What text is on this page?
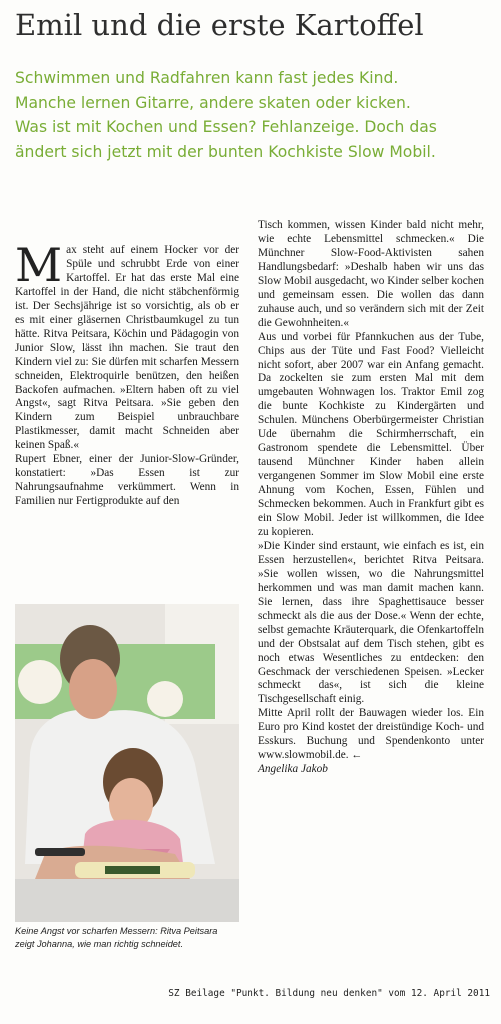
Emil und die erste Kartoffel
Schwimmen und Radfahren kann fast jedes Kind.
Manche lernen Gitarre, andere skaten oder kicken.
Was ist mit Kochen und Essen? Fehlanzeige. Doch das
ändert sich jetzt mit der bunten Kochkiste Slow Mobil.

Max steht auf einem Hocker vor der Spüle und schrubbt Erde von einer Kartoffel. Er hat das erste Mal eine Kartoffel in der Hand, die nicht stäbchenförmig ist. Der Sechsjährige ist so vorsichtig, als ob er es mit einer gläsernen Christbaumkugel zu tun hätte. Ritva Peitsara, Köchin und Pädagogin von Junior Slow, lässt ihn machen. Sie traut den Kindern viel zu: Sie dürfen mit scharfen Messern schneiden, Elektroquirle benützen, den heißen Backofen aufmachen. »Eltern haben oft zu viel Angst«, sagt Ritva Peitsara. »Sie geben den Kindern zum Beispiel unbrauchbare Plastikmesser, damit macht Schneiden aber keinen Spaß.«

Rupert Ebner, einer der Junior-Slow-Gründer, konstatiert: »Das Essen ist zur Nahrungsaufnahme verkümmert. Wenn in Familien nur Fertigprodukte auf den

Keine Angst vor scharfen Messern: Ritva Peitsara zeigt Johanna, wie man richtig schneidet.

Tisch kommen, wissen Kinder bald nicht mehr, wie echte Lebensmittel schmecken.« Die Münchner Slow-Food-Aktivisten sahen Handlungsbedarf: »Deshalb haben wir uns das Slow Mobil ausgedacht, wo Kinder selber kochen und gemeinsam essen. Die wollen das dann zuhause auch, und so verändern sich mit der Zeit die Gewohnheiten.«

Aus und vorbei für Pfannkuchen aus der Tube, Chips aus der Tüte und Fast Food? Vielleicht nicht sofort, aber 2007 war ein Anfang gemacht. Da zockelten sie zum ersten Mal mit dem umgebauten Wohnwagen los. Traktor Emil zog die bunte Kochkiste zu Kindergärten und Schulen. Münchens Oberbürgermeister Christian Ude übernahm die Schirmherrschaft, ein Gastronom spendete die Lebensmittel. Über tausend Münchner Kinder haben allein vergangenen Sommer im Slow Mobil eine erste Ahnung vom Kochen, Essen, Fühlen und Schmecken bekommen. Auch in Frankfurt gibt es ein Slow Mobil. Jeder ist willkommen, die Idee zu kopieren.

»Die Kinder sind erstaunt, wie einfach es ist, ein Essen herzustellen«, berichtet Ritva Peitsara. »Sie wollen wissen, wo die Nahrungsmittel herkommen und was man damit machen kann. Sie lernen, dass ihre Spaghettisauce besser schmeckt als die aus der Dose.« Wenn der echte, selbst gemachte Kräuterquark, die Ofenkartoffeln und der Obstsalat auf dem Tisch stehen, gibt es noch etwas Wesentliches zu entdecken: den Geschmack der verschiedenen Speisen. »Lecker schmeckt das«, ist sich die kleine Tischgesellschaft einig.

Mitte April rollt der Bauwagen wieder los. Ein Euro pro Kind kostet der dreistündige Koch- und Esskurs. Buchung und Spendenkonto unter www.slowmobil.de. ←

Angelika Jakob

SZ Beilage "Punkt. Bildung neu denken" vom 12. April 2011
